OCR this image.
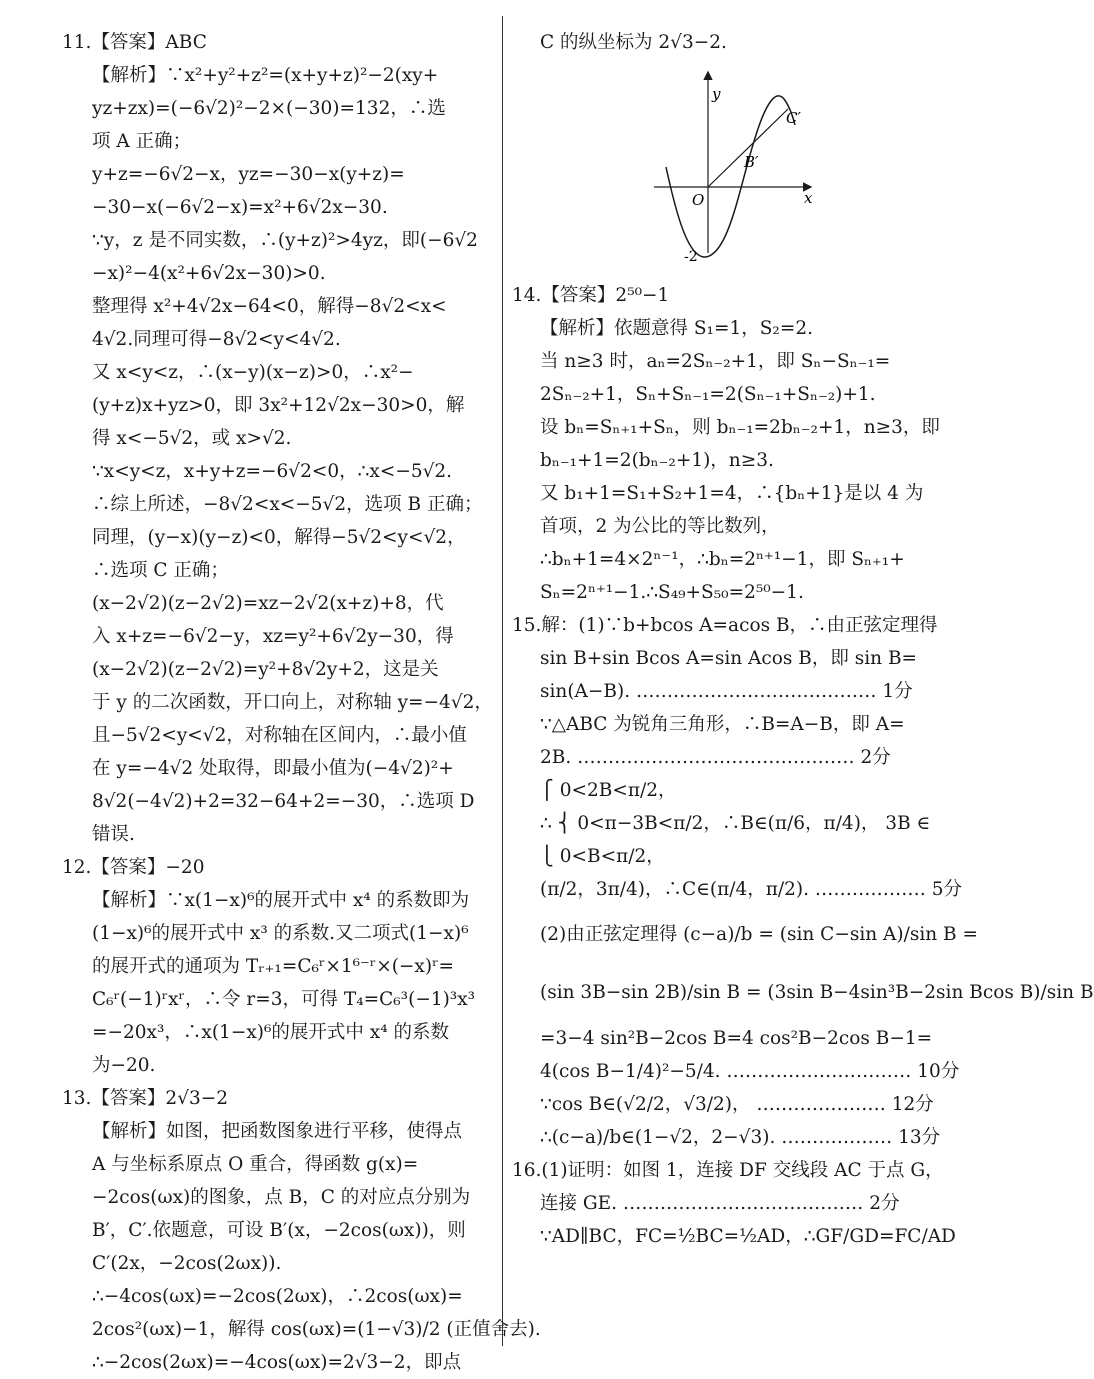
11.【答案】ABC
【解析】∵x²+y²+z²=(x+y+z)²−2(xy+
yz+zx)=(−6√2)²−2×(−30)=132，∴选
项 A 正确；
y+z=−6√2−x，yz=−30−x(y+z)=
−30−x(−6√2−x)=x²+6√2x−30.
∵y，z 是不同实数，∴(y+z)²>4yz，即(−6√2
−x)²−4(x²+6√2x−30)>0.
整理得 x²+4√2x−64<0，解得−8√2<x<
4√2.同理可得−8√2<y<4√2.
又 x<y<z，∴(x−y)(x−z)>0，∴x²−
(y+z)x+yz>0，即 3x²+12√2x−30>0，解
得 x<−5√2，或 x>√2.
∵x<y<z，x+y+z=−6√2<0，∴x<−5√2.
∴综上所述，−8√2<x<−5√2，选项 B 正确；
同理，(y−x)(y−z)<0，解得−5√2<y<√2，
∴选项 C 正确；
(x−2√2)(z−2√2)=xz−2√2(x+z)+8，代
入 x+z=−6√2−y，xz=y²+6√2y−30，得
(x−2√2)(z−2√2)=y²+8√2y+2，这是关
于 y 的二次函数，开口向上，对称轴 y=−4√2，
且−5√2<y<√2，对称轴在区间内，∴最小值
在 y=−4√2 处取得，即最小值为(−4√2)²+
8√2(−4√2)+2=32−64+2=−30，∴选项 D
错误.
12.【答案】−20
【解析】∵x(1−x)⁶的展开式中 x⁴ 的系数即为
(1−x)⁶的展开式中 x³ 的系数.又二项式(1−x)⁶
的展开式的通项为 Tᵣ₊₁=C₆ʳ×1⁶⁻ʳ×(−x)ʳ=
C₆ʳ(−1)ʳxʳ，∴令 r=3，可得 T₄=C₆³(−1)³x³
=−20x³，∴x(1−x)⁶的展开式中 x⁴ 的系数
为−20.
13.【答案】2√3−2
【解析】如图，把函数图象进行平移，使得点
A 与坐标系原点 O 重合，得函数 g(x)=
−2cos(ωx)的图象，点 B，C 的对应点分别为
B′，C′.依题意，可设 B′(x，−2cos(ωx))，则
C′(2x，−2cos(2ωx)).
∴−4cos(ωx)=−2cos(2ωx)，∴2cos(ωx)=
2cos²(ωx)−1，解得 cos(ωx)=(1−√3)/2 (正值舍去).
∴−2cos(2ωx)=−4cos(ωx)=2√3−2，即点
C 的纵坐标为 2√3−2.
y
x
O
B′
C′
-2
14.【答案】2⁵⁰−1
【解析】依题意得 S₁=1，S₂=2.
当 n≥3 时，aₙ=2Sₙ₋₂+1，即 Sₙ−Sₙ₋₁=
2Sₙ₋₂+1，Sₙ+Sₙ₋₁=2(Sₙ₋₁+Sₙ₋₂)+1.
设 bₙ=Sₙ₊₁+Sₙ，则 bₙ₋₁=2bₙ₋₂+1，n≥3，即
bₙ₋₁+1=2(bₙ₋₂+1)，n≥3.
又 b₁+1=S₁+S₂+1=4，∴{bₙ+1}是以 4 为
首项，2 为公比的等比数列，
∴bₙ+1=4×2ⁿ⁻¹，∴bₙ=2ⁿ⁺¹−1，即 Sₙ₊₁+
Sₙ=2ⁿ⁺¹−1.∴S₄₉+S₅₀=2⁵⁰−1.
15.解：(1)∵b+bcos A=acos B，∴由正弦定理得
sin B+sin Bcos A=sin Acos B，即 sin B=
sin(A−B). ………………………………… 1分
∵△ABC 为锐角三角形，∴B=A−B，即 A=
2B. ……………………………………… 2分
⎧ 0<2B<π/2，
∴ ⎨ 0<π−3B<π/2，∴B∈(π/6，π/4)， 3B ∈
⎩ 0<B<π/2，
(π/2，3π/4)，∴C∈(π/4，π/2). ……………… 5分
(2)由正弦定理得 (c−a)/b = (sin C−sin A)/sin B =
(sin 3B−sin 2B)/sin B = (3sin B−4sin³B−2sin Bcos B)/sin B
=3−4 sin²B−2cos B=4 cos²B−2cos B−1=
4(cos B−1/4)²−5/4. ………………………… 10分
∵cos B∈(√2/2，√3/2)， ………………… 12分
∴(c−a)/b∈(1−√2，2−√3). ……………… 13分
16.(1)证明：如图 1，连接 DF 交线段 AC 于点 G，
连接 GE. ………………………………… 2分
∵AD∥BC，FC=½BC=½AD，∴GF/GD=FC/AD
